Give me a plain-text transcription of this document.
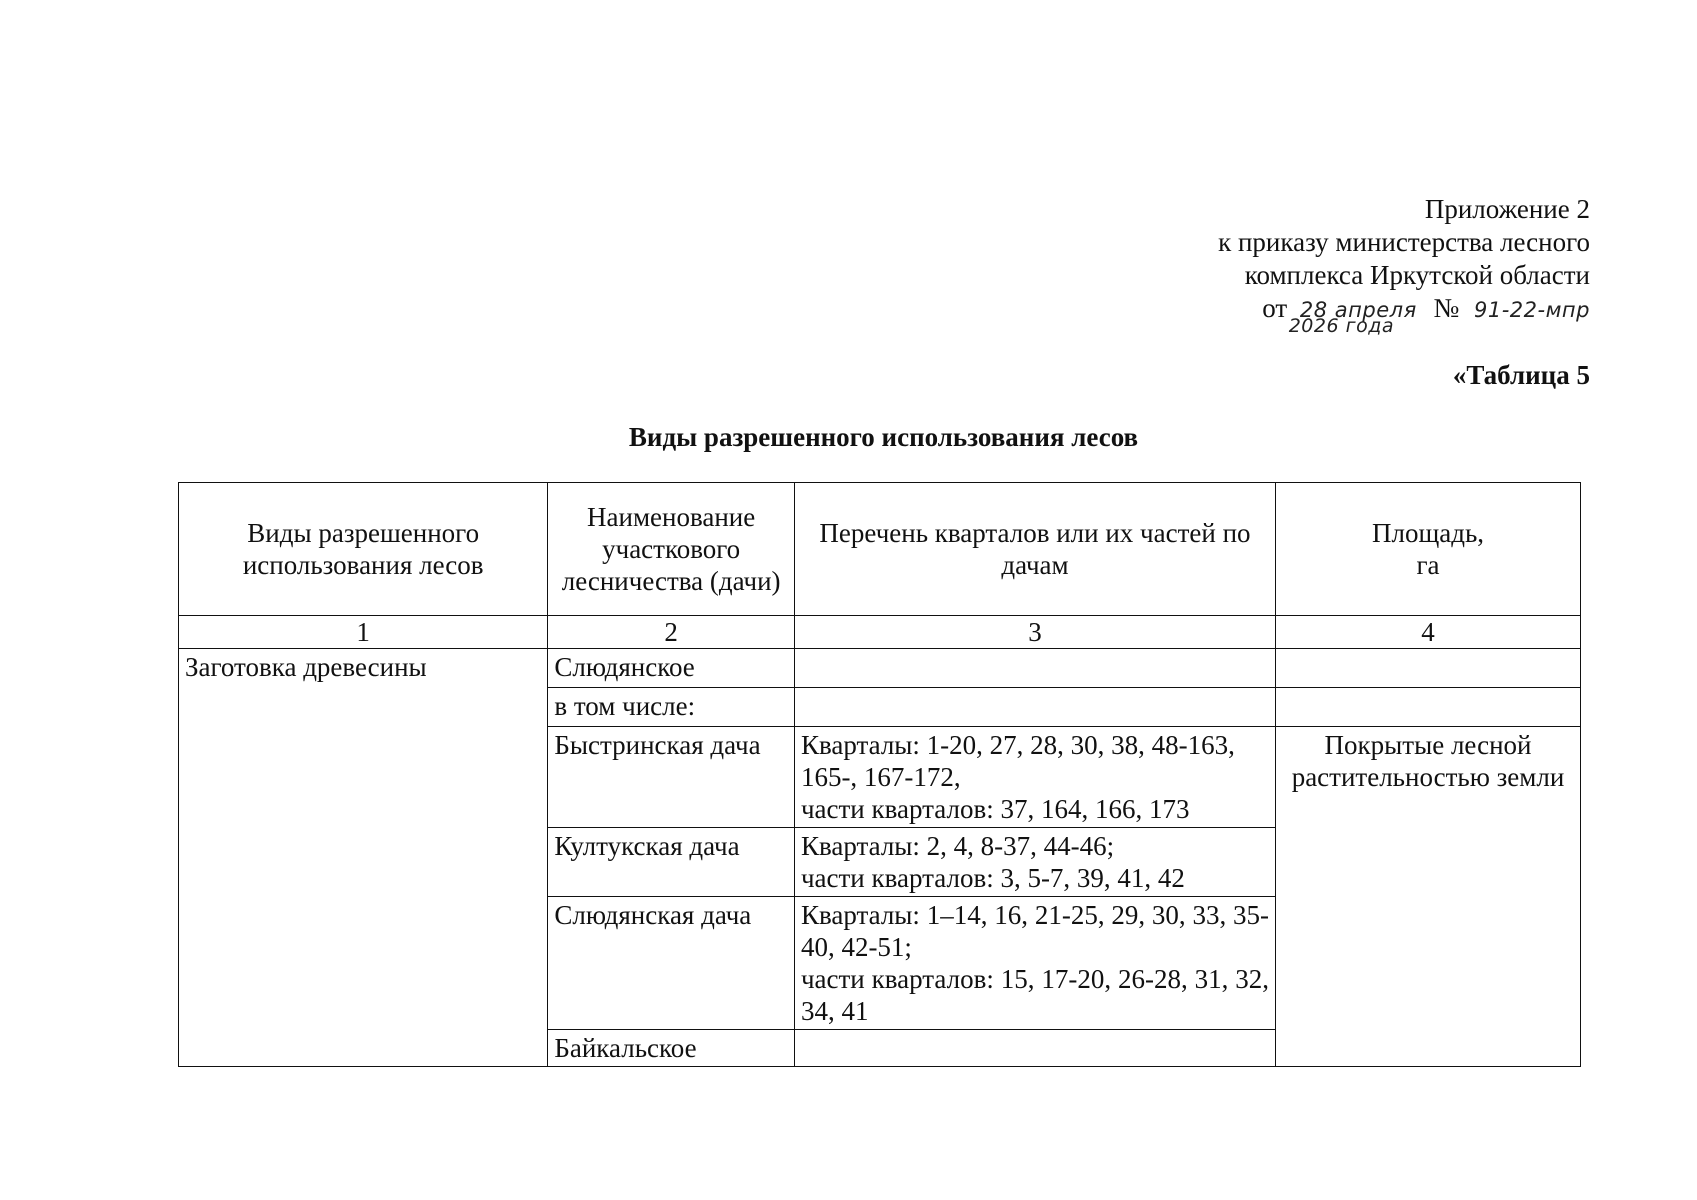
Приложение 2
к приказу министерства лесного
комплекса Иркутской области
от 28 апреля № 91-22-мпр
2026 года
«Таблица 5
Виды разрешенного использования лесов
Виды разрешенного использования лесов	Наименование участкового лесничества (дачи)	Перечень кварталов или их частей по дачам	Площадь,
га
1	2	3	4
Заготовка древесины	Слюдянское		
	в том числе:		
	Быстринская дача	Кварталы: 1-20, 27, 28, 30, 38, 48-163, 165-, 167-172,
части кварталов: 37, 164, 166, 173	Покрытые лесной растительностью земли
	Култукская дача	Кварталы: 2, 4, 8-37, 44-46;
части кварталов: 3, 5-7, 39, 41, 42	
	Слюдянская дача	Кварталы: 1–14, 16, 21-25, 29, 30, 33, 35-40, 42-51;
части кварталов: 15, 17-20, 26-28, 31, 32, 34, 41	
	Байкальское		
